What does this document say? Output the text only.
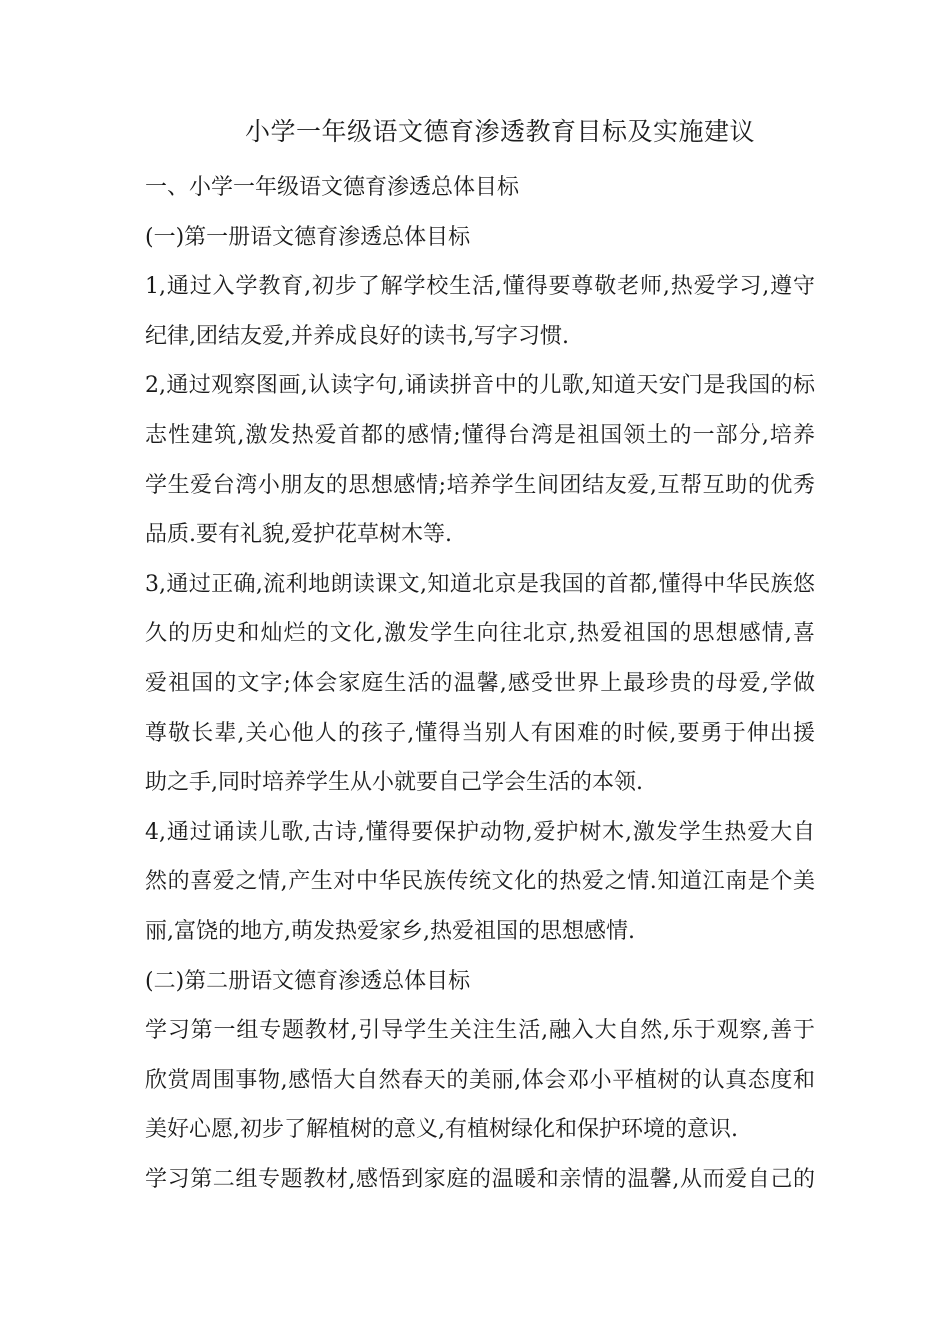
小学一年级语文德育渗透教育目标及实施建议
一、小学一年级语文德育渗透总体目标
(一)第一册语文德育渗透总体目标
1,通过入学教育,初步了解学校生活,懂得要尊敬老师,热爱学习,遵守
纪律,团结友爱,并养成良好的读书,写字习惯.
2,通过观察图画,认读字句,诵读拼音中的儿歌,知道天安门是我国的标
志性建筑,激发热爱首都的感情;懂得台湾是祖国领土的一部分,培养
学生爱台湾小朋友的思想感情;培养学生间团结友爱,互帮互助的优秀
品质.要有礼貌,爱护花草树木等.
3,通过正确,流利地朗读课文,知道北京是我国的首都,懂得中华民族悠
久的历史和灿烂的文化,激发学生向往北京,热爱祖国的思想感情,喜
爱祖国的文字;体会家庭生活的温馨,感受世界上最珍贵的母爱,学做
尊敬长辈,关心他人的孩子,懂得当别人有困难的时候,要勇于伸出援
助之手,同时培养学生从小就要自己学会生活的本领.
4,通过诵读儿歌,古诗,懂得要保护动物,爱护树木,激发学生热爱大自
然的喜爱之情,产生对中华民族传统文化的热爱之情.知道江南是个美
丽,富饶的地方,萌发热爱家乡,热爱祖国的思想感情.
(二)第二册语文德育渗透总体目标
学习第一组专题教材,引导学生关注生活,融入大自然,乐于观察,善于
欣赏周围事物,感悟大自然春天的美丽,体会邓小平植树的认真态度和
美好心愿,初步了解植树的意义,有植树绿化和保护环境的意识.
学习第二组专题教材,感悟到家庭的温暖和亲情的温馨,从而爱自己的
